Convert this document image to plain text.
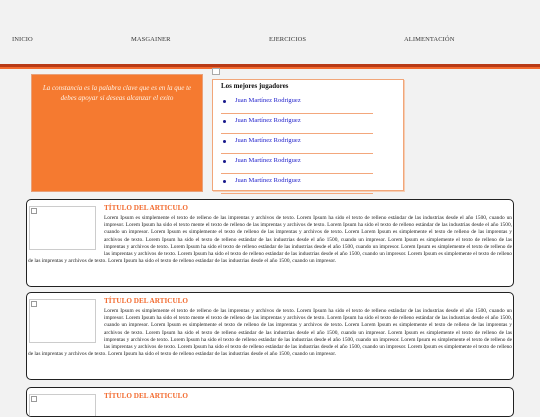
INICIO	MASGAINER	EJERCICIOS	ALIMENTACIÓN

La constancia es la palabra clave que es en la que te debes apoyar si deseas alcanzar el exito

Los mejores jugadores
Juan Martínez Rodriguez
Juan Martínez Rodriguez
Juan Martínez Rodriguez
Juan Martínez Rodriguez
Juan Martínez Rodriguez
TÍTULO DEL ARTICULO

Lorem Ipsum es simplemente el texto de relleno de las imprentas y archivos de texto. Lorem Ipsum ha sido el texto de relleno estándar de las industrias desde el año 1500, cuando un impresor. Lorem Ipsum ha sido el texto mente el texto de relleno de las imprentas y archivos de texto. Lorem Ipsum ha sido el texto de relleno estándar de las industrias desde el año 1500, cuando un impresor. Lorem Ipsum es simplemente el texto de relleno de las imprentas y archivos de texto. Lorem Lorem Ipsum es simplemente el texto de relleno de las imprentas y archivos de texto. Lorem Ipsum ha sido el texto de relleno estándar de las industrias desde el año 1500, cuando un impresor. Lorem Ipsum es simplemente el texto de relleno de las imprentas y archivos de texto. Lorem Ipsum ha sido el texto de relleno estándar de las industrias desde el año 1500, cuando un impresor. Lorem Ipsum es simplemente el texto de relleno de las imprentas y archivos de texto. Lorem Ipsum ha sido el texto de relleno estándar de las industrias desde el año 1500, cuando un impresor. Lorem Ipsum es simplemente el texto de relleno de las imprentas y archivos de texto. Lorem Ipsum ha sido el texto de relleno estándar de las industrias desde el año 1500, cuando un impresor.

TÍTULO DEL ARTICULO

Lorem Ipsum es simplemente el texto de relleno de las imprentas y archivos de texto. Lorem Ipsum ha sido el texto de relleno estándar de las industrias desde el año 1500, cuando un impresor. Lorem Ipsum ha sido el texto mente el texto de relleno de las imprentas y archivos de texto. Lorem Ipsum ha sido el texto de relleno estándar de las industrias desde el año 1500, cuando un impresor. Lorem Ipsum es simplemente el texto de relleno de las imprentas y archivos de texto. Lorem Lorem Ipsum es simplemente el texto de relleno de las imprentas y archivos de texto. Lorem Ipsum ha sido el texto de relleno estándar de las industrias desde el año 1500, cuando un impresor. Lorem Ipsum es simplemente el texto de relleno de las imprentas y archivos de texto. Lorem Ipsum ha sido el texto de relleno estándar de las industrias desde el año 1500, cuando un impresor. Lorem Ipsum es simplemente el texto de relleno de las imprentas y archivos de texto. Lorem Ipsum ha sido el texto de relleno estándar de las industrias desde el año 1500, cuando un impresor. Lorem Ipsum es simplemente el texto de relleno de las imprentas y archivos de texto. Lorem Ipsum ha sido el texto de relleno estándar de las industrias desde el año 1500, cuando un impresor.

TÍTULO DEL ARTICULO
